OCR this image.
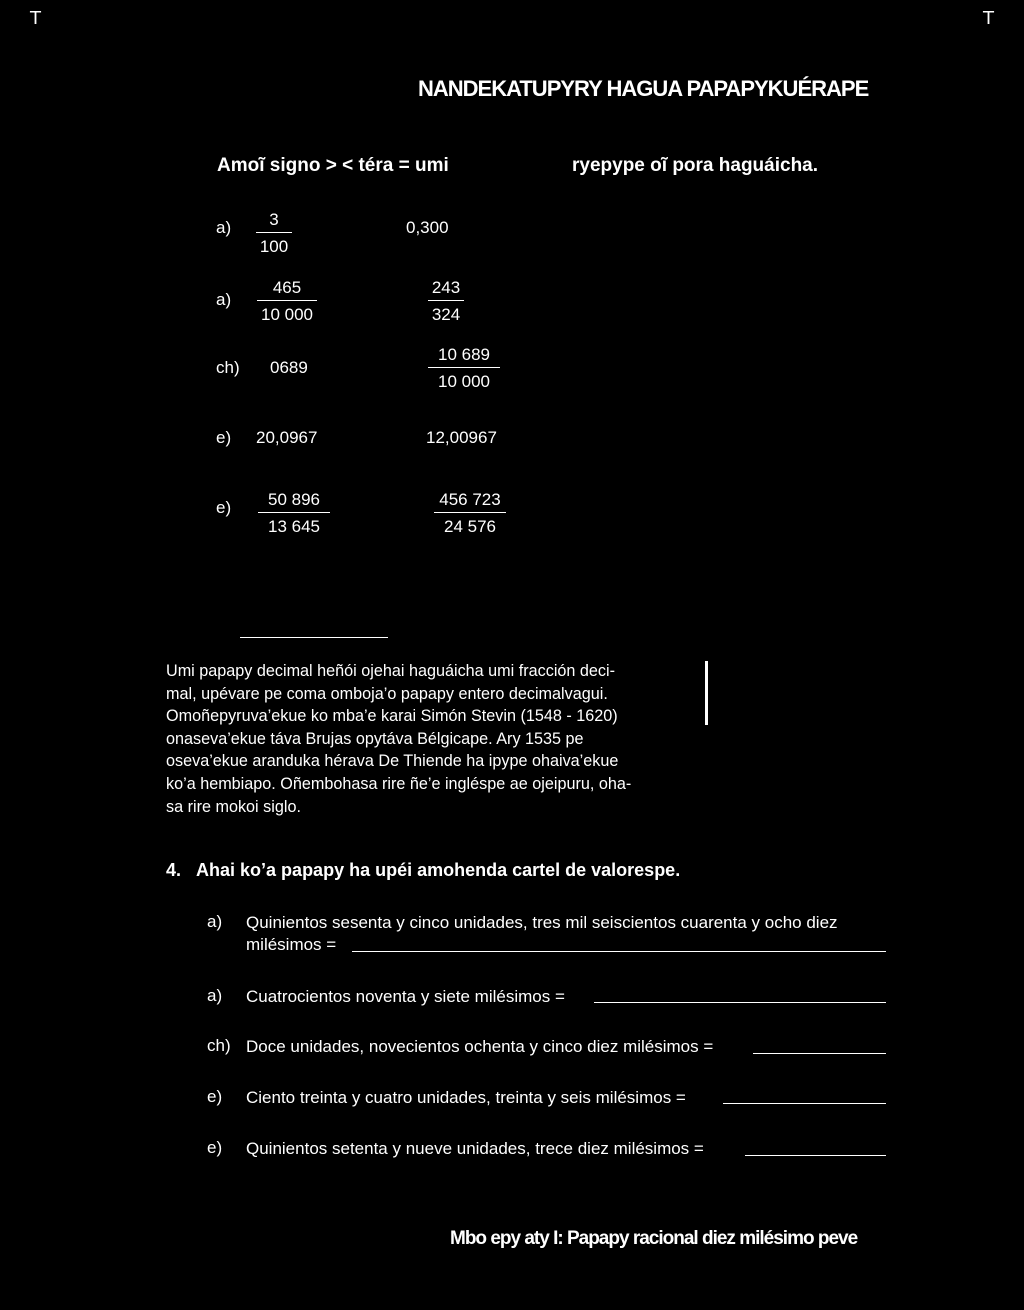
T	T
NANDEKATUPYRY HAGUA PAPAPYKUÉRAPE
Amoĩ signo > < téra = umi	ryepype oĩ pora haguáicha.
$a) \frac{3}{100}$	0,300
$a) \frac{465}{10 000}$	$\frac{243}{324}$
ch) 0689	$\frac{10 689}{10 000}$
e) 20,0967	12,00967
$e) \frac{50 896}{13 645}$	$\frac{456 723}{24 576}$
Umi papapy decimal heñói ojehai haguáicha umi fracción deci-
mal, upévare pe coma omboja’o papapy entero decimalvagui.
Omoñepyruva’ekue ko mba’e karai Simón Stevin (1548 - 1620)
onaseva’ekue táva Brujas opytáva Bélgicape. Ary 1535 pe
oseva’ekue aranduka hérava De Thiende ha ipype ohaiva’ekue
ko’a hembiapo. Oñembohasa rire ñe’e ingléspe ae ojeipuru, oha-
sa rire mokoi siglo.
4. Ahai ko’a papapy ha upéi amohenda cartel de valorespe.
a) Quinientos sesenta y cinco unidades, tres mil seiscientos cuarenta y ocho diez
milésimos =
a) Cuatrocientos noventa y siete milésimos =
ch) Doce unidades, novecientos ochenta y cinco diez milésimos =
e) Ciento treinta y cuatro unidades, treinta y seis milésimos =
e) Quinientos setenta y nueve unidades, trece diez milésimos =
Mbo epy aty I: Papapy racional diez milésimo peve
